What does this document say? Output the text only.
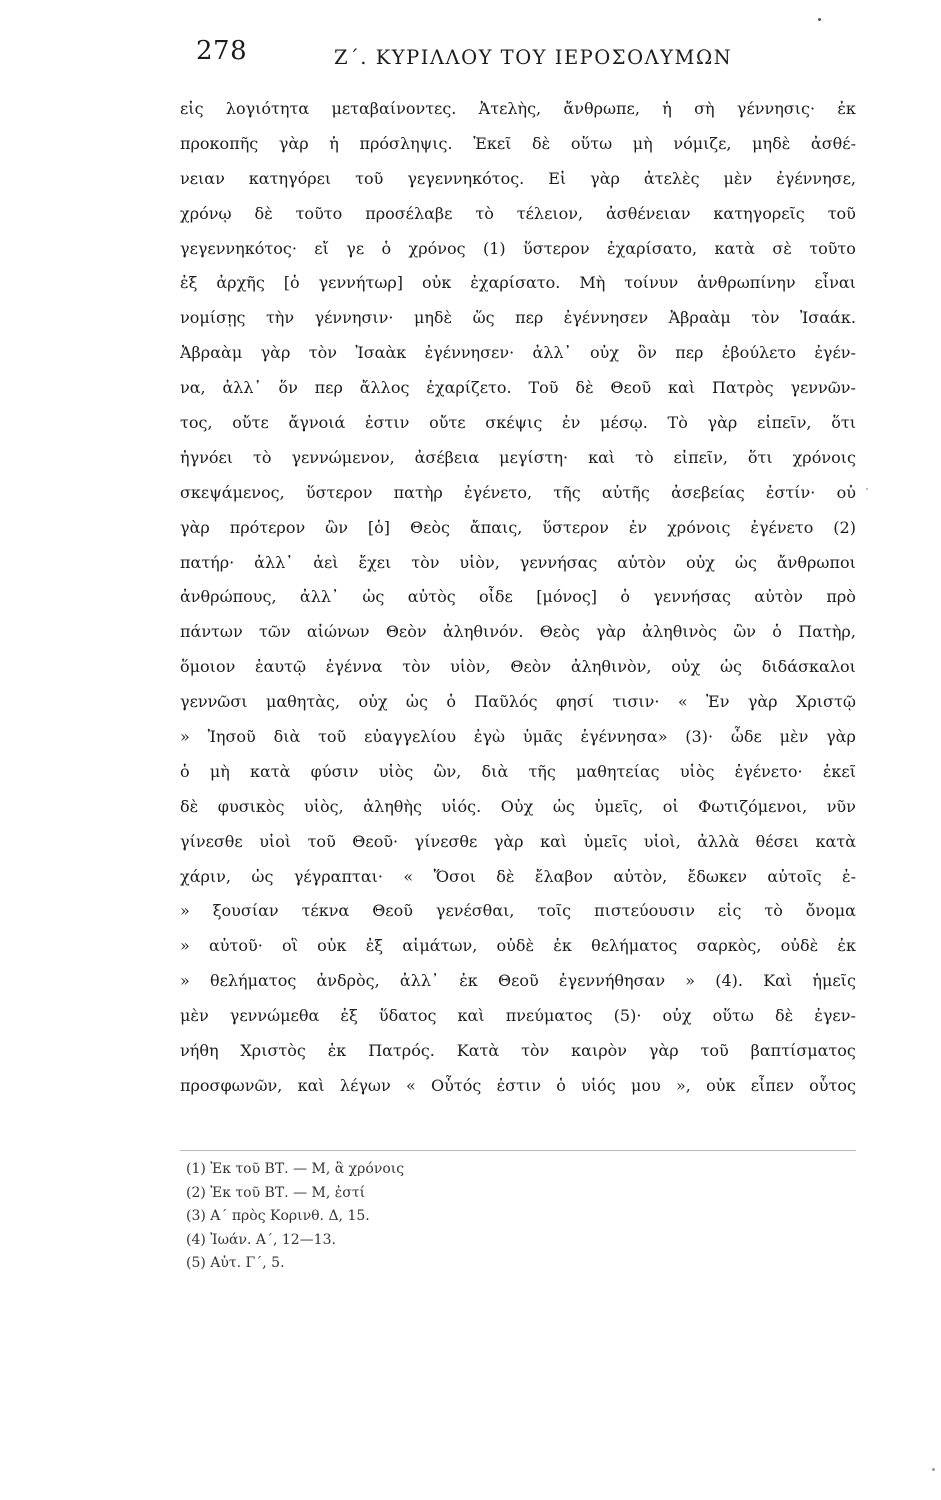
278	Ζ΄. ΚΥΡΙΛΛΟΥ ΤΟΥ ΙΕΡΟΣΟΛΥΜΩΝ
εἰς λογιότητα μεταβαίνοντες. Ἀτελὴς, ἄνθρωπε, ἡ σὴ γέννησις· ἐκ
προκοπῆς γὰρ ἡ πρόσληψις. Ἐκεῖ δὲ οὕτω μὴ νόμιζε, μηδὲ ἀσθέ-
νειαν κατηγόρει τοῦ γεγεννηκότος. Εἰ γὰρ ἀτελὲς μὲν ἐγέννησε,
χρόνῳ δὲ τοῦτο προσέλαβε τὸ τέλειον, ἀσθένειαν κατηγορεῖς τοῦ
γεγεννηκότος· εἴ γε ὁ χρόνος (1) ὕστερον ἐχαρίσατο, κατὰ σὲ τοῦτο
ἐξ ἀρχῆς [ὁ γεννήτωρ] οὐκ ἐχαρίσατο. Μὴ τοίνυν ἀνθρωπίνην εἶναι
νομίσῃς τὴν γέννησιν· μηδὲ ὥς περ ἐγέννησεν Ἀβραὰμ τὸν Ἰσαάκ.
Ἀβραὰμ γὰρ τὸν Ἰσαὰκ ἐγέννησεν· ἀλλ᾽ οὐχ ὃν περ ἐβούλετο ἐγέν-
να, ἀλλ᾽ ὅν περ ἄλλος ἐχαρίζετο. Τοῦ δὲ Θεοῦ καὶ Πατρὸς γεννῶν-
τος, οὔτε ἄγνοιά ἐστιν οὔτε σκέψις ἐν μέσῳ. Τὸ γὰρ εἰπεῖν, ὅτι
ἠγνόει τὸ γεννώμενον, ἀσέβεια μεγίστη· καὶ τὸ εἰπεῖν, ὅτι χρόνοις
σκεψάμενος, ὕστερον πατὴρ ἐγένετο, τῆς αὐτῆς ἀσεβείας ἐστίν· οὐ
γὰρ πρότερον ὢν [ὁ] Θεὸς ἄπαις, ὕστερον ἐν χρόνοις ἐγένετο (2)
πατήρ· ἀλλ᾽ ἀεὶ ἔχει τὸν υἱὸν, γεννήσας αὐτὸν οὐχ ὡς ἄνθρωποι
ἀνθρώπους, ἀλλ᾽ ὡς αὐτὸς οἶδε [μόνος] ὁ γεννήσας αὐτὸν πρὸ
πάντων τῶν αἰώνων Θεὸν ἀληθινόν. Θεὸς γὰρ ἀληθινὸς ὢν ὁ Πατὴρ,
ὅμοιον ἑαυτῷ ἐγέννα τὸν υἱὸν, Θεὸν ἀληθινὸν, οὐχ ὡς διδάσκαλοι
γεννῶσι μαθητὰς, οὐχ ὡς ὁ Παῦλός φησί τισιν· « Ἐν γὰρ Χριστῷ
» Ἰησοῦ διὰ τοῦ εὐαγγελίου ἐγὼ ὑμᾶς ἐγέννησα» (3)· ὧδε μὲν γὰρ
ὁ μὴ κατὰ φύσιν υἱὸς ὢν, διὰ τῆς μαθητείας υἱὸς ἐγένετο· ἐκεῖ
δὲ φυσικὸς υἱὸς, ἀληθὴς υἱός. Οὐχ ὡς ὑμεῖς, οἱ Φωτιζόμενοι, νῦν
γίνεσθε υἱοὶ τοῦ Θεοῦ· γίνεσθε γὰρ καὶ ὑμεῖς υἱοὶ, ἀλλὰ θέσει κατὰ
χάριν, ὡς γέγραπται· « Ὅσοι δὲ ἔλαβον αὐτὸν, ἔδωκεν αὐτοῖς ἐ-
» ξουσίαν τέκνα Θεοῦ γενέσθαι, τοῖς πιστεύουσιν εἰς τὸ ὄνομα
» αὐτοῦ· οἳ οὐκ ἐξ αἱμάτων, οὐδὲ ἐκ θελήματος σαρκὸς, οὐδὲ ἐκ
» θελήματος ἀνδρὸς, ἀλλ᾽ ἐκ Θεοῦ ἐγεννήθησαν » (4). Καὶ ἡμεῖς
μὲν γεννώμεθα ἐξ ὕδατος καὶ πνεύματος (5)· οὐχ οὕτω δὲ ἐγεν-
νήθη Χριστὸς ἐκ Πατρός. Κατὰ τὸν καιρὸν γὰρ τοῦ βαπτίσματος
προσφωνῶν, καὶ λέγων « Οὗτός ἐστιν ὁ υἱός μου », οὐκ εἶπεν οὗτος
(1) Ἐκ τοῦ ΒΤ. — Μ, ἃ χρόνοις
(2) Ἐκ τοῦ ΒΤ. — Μ, ἐστί
(3) Α΄ πρὸς Κορινθ. Δ, 15.
(4) Ἰωάν. Α΄, 12—13.
(5) Αὐτ. Γ΄, 5.
